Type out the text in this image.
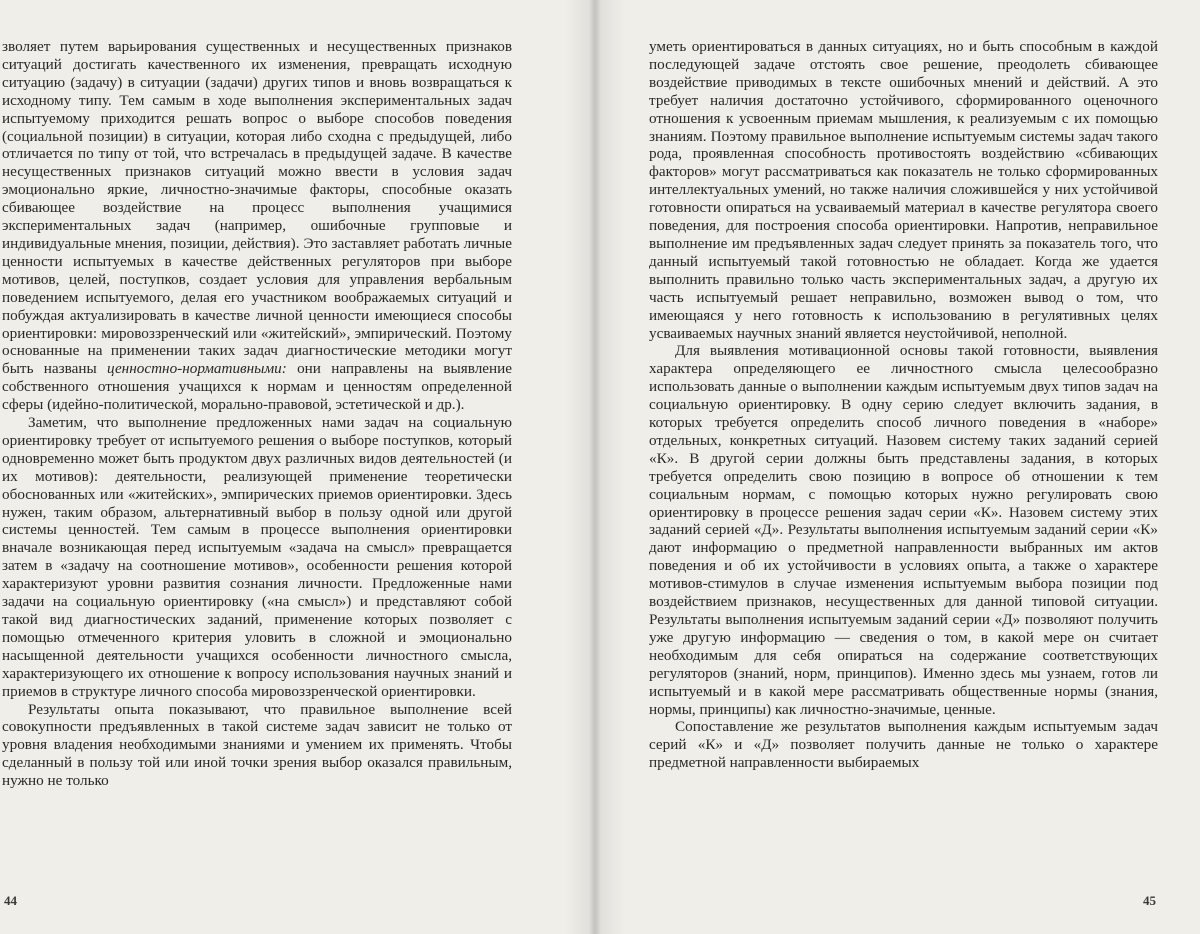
зволяет путем варьирования существенных и несущественных признаков ситуаций достигать качественного их изменения, превращать исходную ситуацию (задачу) в ситуации (задачи) других типов и вновь возвращаться к исходному типу. Тем самым в ходе выполнения экспериментальных задач испытуемому приходится решать вопрос о выборе способов поведения (социальной позиции) в ситуации, которая либо сходна с предыдущей, либо отличается по типу от той, что встречалась в предыдущей задаче. В качестве несущественных признаков ситуаций можно ввести в условия задач эмоционально яркие, личностно-значимые факторы, способные оказать сбивающее воздействие на процесс выполнения учащимися экспериментальных задач (например, ошибочные групповые и индивидуальные мнения, позиции, действия). Это заставляет работать личные ценности испытуемых в качестве действенных регуляторов при выборе мотивов, целей, поступков, создает условия для управления вербальным поведением испытуемого, делая его участником воображаемых ситуаций и побуждая актуализировать в качестве личной ценности имеющиеся способы ориентировки: мировоззренческий или «житейский», эмпирический. Поэтому основанные на применении таких задач диагностические методики могут быть названы ценностно-нормативными: они направлены на выявление собственного отношения учащихся к нормам и ценностям определенной сферы (идейно-политической, морально-правовой, эстетической и др.).

Заметим, что выполнение предложенных нами задач на социальную ориентировку требует от испытуемого решения о выборе поступков, который одновременно может быть продуктом двух различных видов деятельностей (и их мотивов): деятельности, реализующей применение теоретически обоснованных или «житейских», эмпирических приемов ориентировки. Здесь нужен, таким образом, альтернативный выбор в пользу одной или другой системы ценностей. Тем самым в процессе выполнения ориентировки вначале возникающая перед испытуемым «задача на смысл» превращается затем в «задачу на соотношение мотивов», особенности решения которой характеризуют уровни развития сознания личности. Предложенные нами задачи на социальную ориентировку («на смысл») и представляют собой такой вид диагностических заданий, применение которых позволяет с помощью отмеченного критерия уловить в сложной и эмоционально насыщенной деятельности учащихся особенности личностного смысла, характеризующего их отношение к вопросу использования научных знаний и приемов в структуре личного способа мировоззренческой ориентировки.

Результаты опыта показывают, что правильное выполнение всей совокупности предъявленных в такой системе задач зависит не только от уровня владения необходимыми знаниями и умением их применять. Чтобы сделанный в пользу той или иной точки зрения выбор оказался правильным, нужно не только

44

уметь ориентироваться в данных ситуациях, но и быть способным в каждой последующей задаче отстоять свое решение, преодолеть сбивающее воздействие приводимых в тексте ошибочных мнений и действий. А это требует наличия достаточно устойчивого, сформированного оценочного отношения к усвоенным приемам мышления, к реализуемым с их помощью знаниям. Поэтому правильное выполнение испытуемым системы задач такого рода, проявленная способность противостоять воздействию «сбивающих факторов» могут рассматриваться как показатель не только сформированных интеллектуальных умений, но также наличия сложившейся у них устойчивой готовности опираться на усваиваемый материал в качестве регулятора своего поведения, для построения способа ориентировки. Напротив, неправильное выполнение им предъявленных задач следует принять за показатель того, что данный испытуемый такой готовностью не обладает. Когда же удается выполнить правильно только часть экспериментальных задач, а другую их часть испытуемый решает неправильно, возможен вывод о том, что имеющаяся у него готовность к использованию в регулятивных целях усваиваемых научных знаний является неустойчивой, неполной.

Для выявления мотивационной основы такой готовности, выявления характера определяющего ее личностного смысла целесообразно использовать данные о выполнении каждым испытуемым двух типов задач на социальную ориентировку. В одну серию следует включить задания, в которых требуется определить способ личного поведения в «наборе» отдельных, конкретных ситуаций. Назовем систему таких заданий серией «К». В другой серии должны быть представлены задания, в которых требуется определить свою позицию в вопросе об отношении к тем социальным нормам, с помощью которых нужно регулировать свою ориентировку в процессе решения задач серии «К». Назовем систему этих заданий серией «Д». Результаты выполнения испытуемым заданий серии «К» дают информацию о предметной направленности выбранных им актов поведения и об их устойчивости в условиях опыта, а также о характере мотивов-стимулов в случае изменения испытуемым выбора позиции под воздействием признаков, несущественных для данной типовой ситуации. Результаты выполнения испытуемым заданий серии «Д» позволяют получить уже другую информацию — сведения о том, в какой мере он считает необходимым для себя опираться на содержание соответствующих регуляторов (знаний, норм, принципов). Именно здесь мы узнаем, готов ли испытуемый и в какой мере рассматривать общественные нормы (знания, нормы, принципы) как личностно-значимые, ценные.

Сопоставление же результатов выполнения каждым испытуемым задач серий «К» и «Д» позволяет получить данные не только о характере предметной направленности выбираемых

45
